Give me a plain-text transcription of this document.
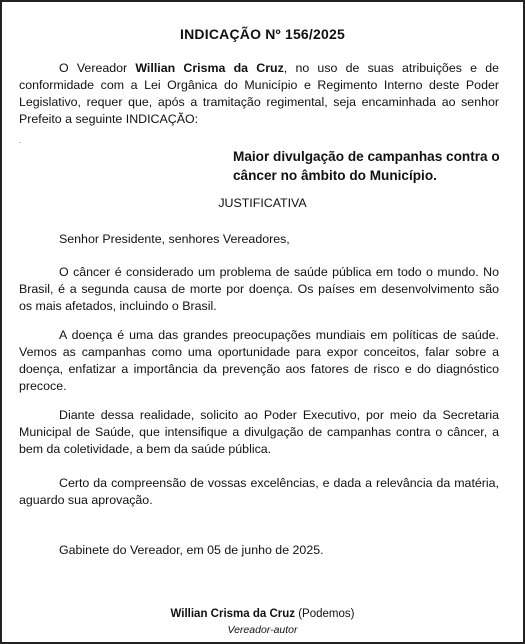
INDICAÇÃO Nº 156/2025

O Vereador Willian Crisma da Cruz, no uso de suas atribuições e de conformidade com a Lei Orgânica do Município e Regimento Interno deste Poder Legislativo, requer que, após a tramitação regimental, seja encaminhada ao senhor Prefeito a seguinte INDICAÇÃO:

.
Maior divulgação de campanhas contra o câncer no âmbito do Município.
JUSTIFICATIVA

Senhor Presidente, senhores Vereadores,

O câncer é considerado um problema de saúde pública em todo o mundo. No Brasil, é a segunda causa de morte por doença. Os países em desenvolvimento são os mais afetados, incluindo o Brasil.

A doença é uma das grandes preocupações mundiais em políticas de saúde. Vemos as campanhas como uma oportunidade para expor conceitos, falar sobre a doença, enfatizar a importância da prevenção aos fatores de risco e do diagnóstico precoce.

Diante dessa realidade, solicito ao Poder Executivo, por meio da Secretaria Municipal de Saúde, que intensifique a divulgação de campanhas contra o câncer, a bem da coletividade, a bem da saúde pública.

Certo da compreensão de vossas excelências, e dada a relevância da matéria, aguardo sua aprovação.

Gabinete do Vereador, em 05 de junho de 2025.

Willian Crisma da Cruz (Podemos)
Vereador-autor
